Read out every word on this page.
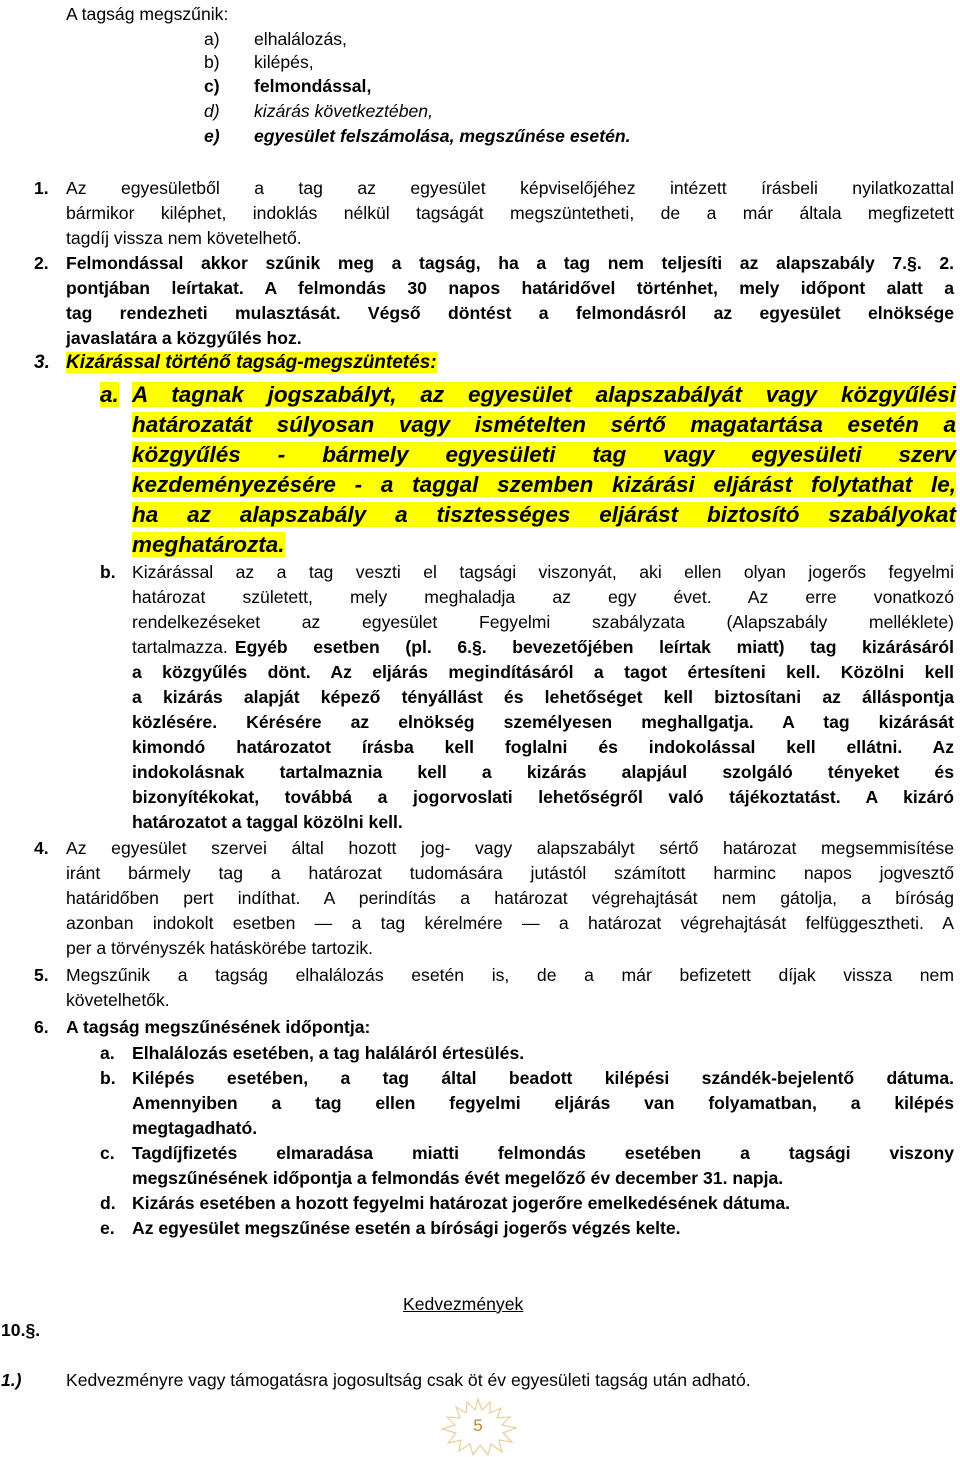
A tagság megszűnik:
a) elhalálozás,
b) kilépés,
c) felmondással,
d) kizárás következtében,
e) egyesület felszámolása, megszűnése esetén.
1. Az egyesületből a tag az egyesület képviselőjéhez intézett írásbeli nyilatkozattal
bármikor kiléphet, indoklás nélkül tagságát megszüntetheti, de a már általa megfizetett
tagdíj vissza nem követelhető.
2. Felmondással akkor szűnik meg a tagság, ha a tag nem teljesíti az alapszabály 7.§. 2.
pontjában leírtakat. A felmondás 30 napos határidővel történhet, mely időpont alatt a
tag rendezheti mulasztását. Végső döntést a felmondásról az egyesület elnöksége
javaslatára a közgyűlés hoz.
3. Kizárással történő tagság-megszüntetés:
a. A tagnak jogszabályt, az egyesület alapszabályát vagy közgyűlési
határozatát súlyosan vagy ismételten sértő magatartása esetén a
közgyűlés - bármely egyesületi tag vagy egyesületi szerv
kezdeményezésére - a taggal szemben kizárási eljárást folytathat le,
ha az alapszabály a tisztességes eljárást biztosító szabályokat
meghatározta.
b. Kizárással az a tag veszti el tagsági viszonyát, aki ellen olyan jogerős fegyelmi
határozat született, mely meghaladja az egy évet. Az erre vonatkozó
rendelkezéseket az egyesület Fegyelmi szabályzata (Alapszabály melléklete)
tartalmazza. Egyéb esetben (pl. 6.§. bevezetőjében leírtak miatt) tag kizárásáról
a közgyűlés dönt. Az eljárás megindításáról a tagot értesíteni kell. Közölni kell
a kizárás alapját képező tényállást és lehetőséget kell biztosítani az álláspontja
közlésére. Kérésére az elnökség személyesen meghallgatja. A tag kizárását
kimondó határozatot írásba kell foglalni és indokolással kell ellátni. Az
indokolásnak tartalmaznia kell a kizárás alapjául szolgáló tényeket és
bizonyítékokat, továbbá a jogorvoslati lehetőségről való tájékoztatást. A kizáró
határozatot a taggal közölni kell.
4. Az egyesület szervei által hozott jog- vagy alapszabályt sértő határozat megsemmisítése
iránt bármely tag a határozat tudomására jutástól számított harminc napos jogvesztő
határidőben pert indíthat. A perindítás a határozat végrehajtását nem gátolja, a bíróság
azonban indokolt esetben — a tag kérelmére — a határozat végrehajtását felfüggesztheti. A
per a törvényszék hatáskörébe tartozik.
5. Megszűnik a tagság elhalálozás esetén is, de a már befizetett díjak vissza nem
követelhetők.
6. A tagság megszűnésének időpontja:
a. Elhalálozás esetében, a tag haláláról értesülés.
b. Kilépés esetében, a tag által beadott kilépési szándék-bejelentő dátuma.
Amennyiben a tag ellen fegyelmi eljárás van folyamatban, a kilépés
megtagadható.
c. Tagdíjfizetés elmaradása miatti felmondás esetében a tagsági viszony
megszűnésének időpontja a felmondás évét megelőző év december 31. napja.
d. Kizárás esetében a hozott fegyelmi határozat jogerőre emelkedésének dátuma.
e. Az egyesület megszűnése esetén a bírósági jogerős végzés kelte.
Kedvezmények
10.§.
1.)	Kedvezményre vagy támogatásra jogosultság csak öt év egyesületi tagság után adható.
5
